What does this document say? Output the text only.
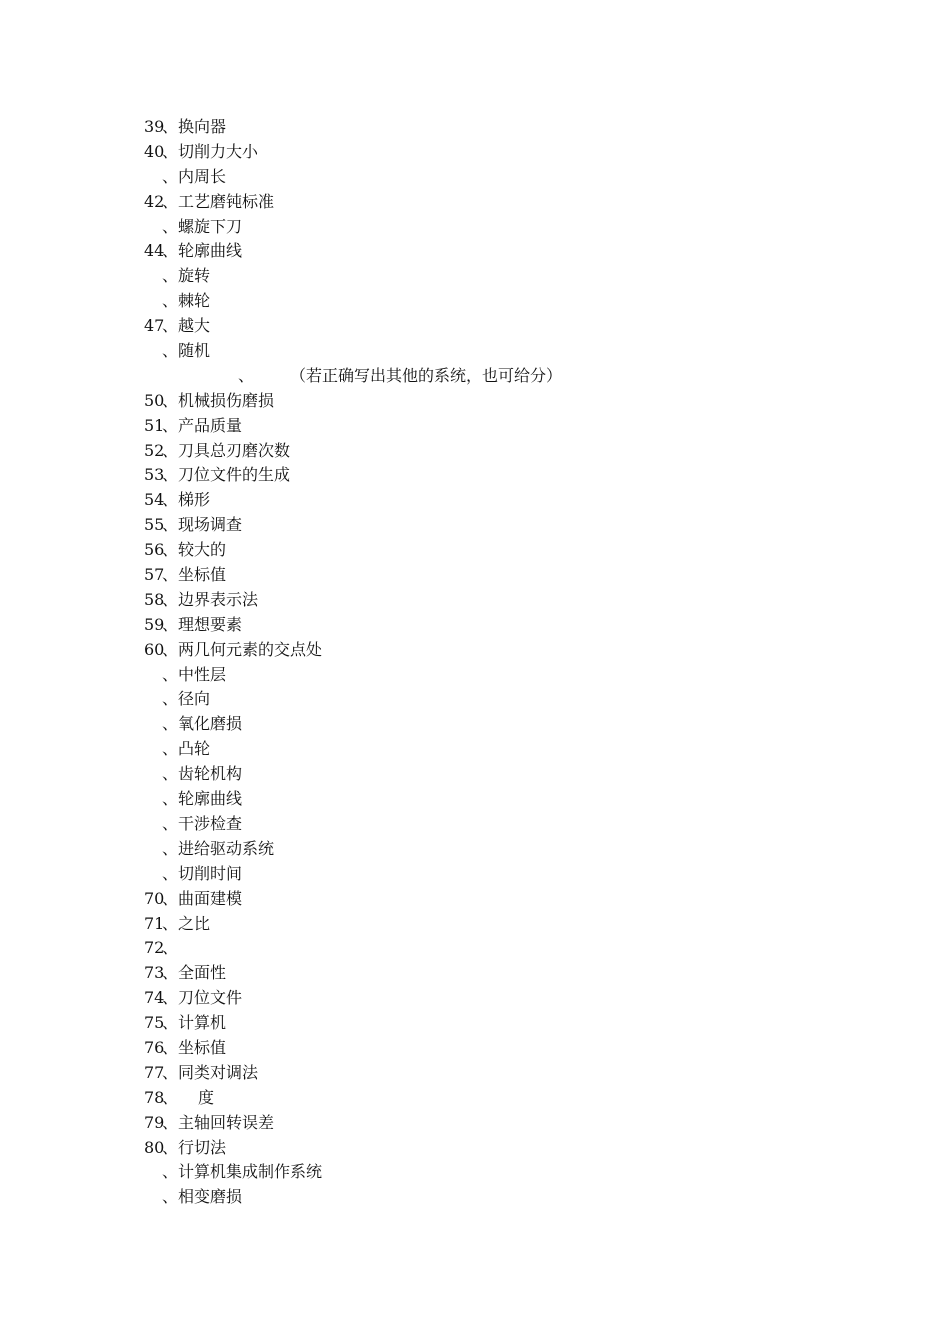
39
、 换向器
40
、 切削力大小
、 内周长
42
、 工艺磨钝标准
、 螺旋下刀
44
、 轮廓曲线
、 旋转
、 棘轮
47
、 越大
、 随机
、 （若正确写出其他的系统，也可给分）
50
、 机械损伤磨损
51
、 产品质量
52
、 刀具总刃磨次数
53
、 刀位文件的生成
54
、 梯形
55
、 现场调查
56
、 较大的
57
、 坐标值
58
、 边界表示法
59
、 理想要素
60
、 两几何元素的交点处
、 中性层
、 径向
、 氧化磨损
、 凸轮
、 齿轮机构
、 轮廓曲线
、 干涉检查
、 进给驱动系统
、 切削时间
70
、 曲面建模
71
、 之比
72
、
73
、 全面性
74
、 刀位文件
75
、 计算机
76
、 坐标值
77
、 同类对调法
78
、 度
79
、 主轴回转误差
80
、 行切法
、 计算机集成制作系统
、 相变磨损
